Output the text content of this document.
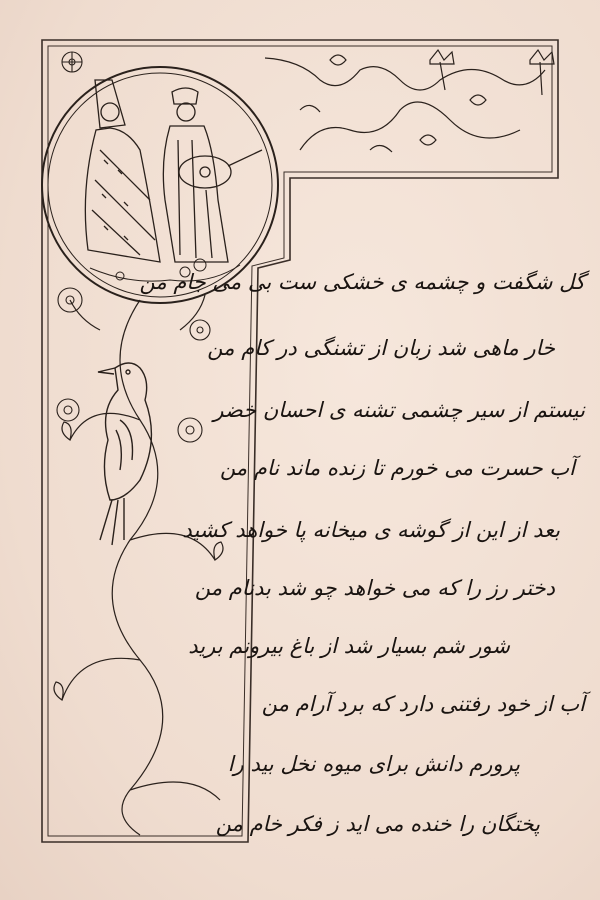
گل شگفت و چشمه ی خشکی ست بی می جام من
خار ماهی شد زبان از تشنگی در کام من
نیستم از سیر چشمی تشنه ی احسان خضر
آب حسرت می خورم تا زنده ماند نام من
بعد از این از گوشه ی میخانه پا خواهد کشید
دختر رز را که می خواهد چو شد بدنام من
شور شم بسیار شد از باغ بیرونم برید
آب از خود رفتنی دارد که برد آرام من
پرورم دانش برای میوه نخل بید را
پختگان را خنده می اید ز فکر خام من
